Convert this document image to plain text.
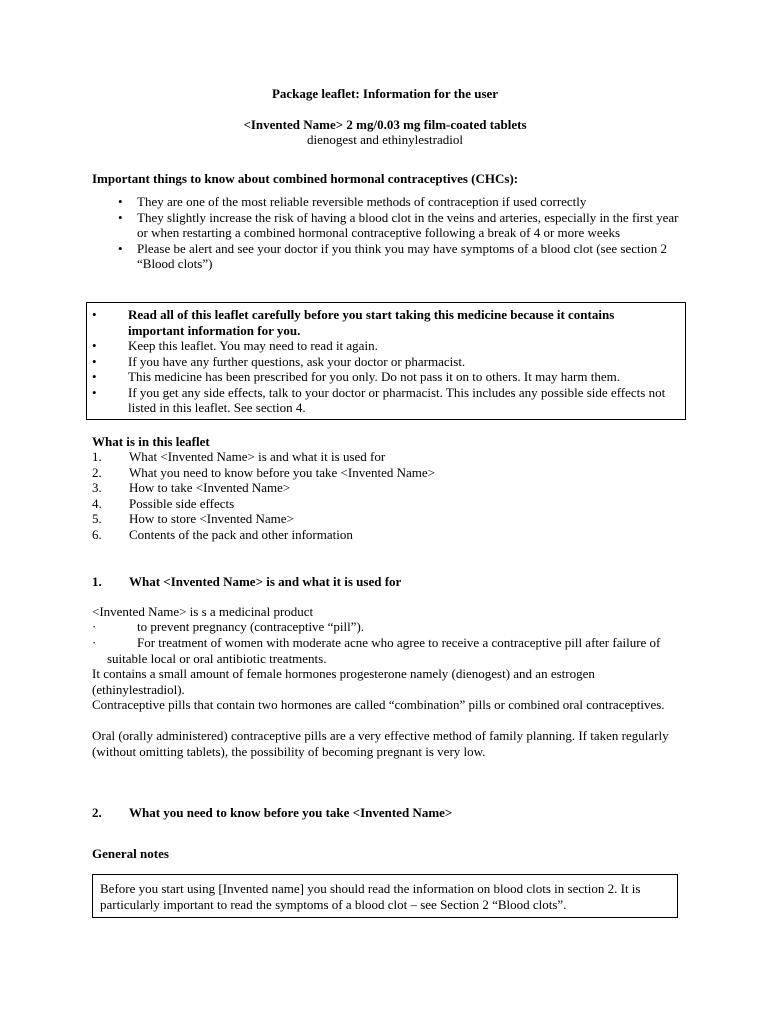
Package leaflet: Information for the user
<Invented Name> 2 mg/0.03 mg film-coated tablets
dienogest and ethinylestradiol
Important things to know about combined hormonal contraceptives (CHCs):
• They are one of the most reliable reversible methods of contraception if used correctly
• They slightly increase the risk of having a blood clot in the veins and arteries, especially in the first year or when restarting a combined hormonal contraceptive following a break of 4 or more weeks
• Please be alert and see your doctor if you think you may have symptoms of a blood clot (see section 2 “Blood clots”)
• Read all of this leaflet carefully before you start taking this medicine because it contains important information for you.
• Keep this leaflet. You may need to read it again.
• If you have any further questions, ask your doctor or pharmacist.
• This medicine has been prescribed for you only. Do not pass it on to others. It may harm them.
• If you get any side effects, talk to your doctor or pharmacist. This includes any possible side effects not listed in this leaflet. See section 4.
What is in this leaflet
1. What <Invented Name> is and what it is used for
2. What you need to know before you take <Invented Name>
3. How to take <Invented Name>
4. Possible side effects
5. How to store <Invented Name>
6. Contents of the pack and other information
1. What <Invented Name> is and what it is used for
<Invented Name> is s a medicinal product
·	to prevent pregnancy (contraceptive “pill”).
·	For treatment of women with moderate acne who agree to receive a contraceptive pill after failure of suitable local or oral antibiotic treatments.
It contains a small amount of female hormones progesterone namely (dienogest) and an estrogen (ethinylestradiol).
Contraceptive pills that contain two hormones are called “combination” pills or combined oral contraceptives.
Oral (orally administered) contraceptive pills are a very effective method of family planning. If taken regularly (without omitting tablets), the possibility of becoming pregnant is very low.
2. What you need to know before you take <Invented Name>
General notes
Before you start using [Invented name] you should read the information on blood clots in section 2. It is particularly important to read the symptoms of a blood clot – see Section 2 “Blood clots”.
